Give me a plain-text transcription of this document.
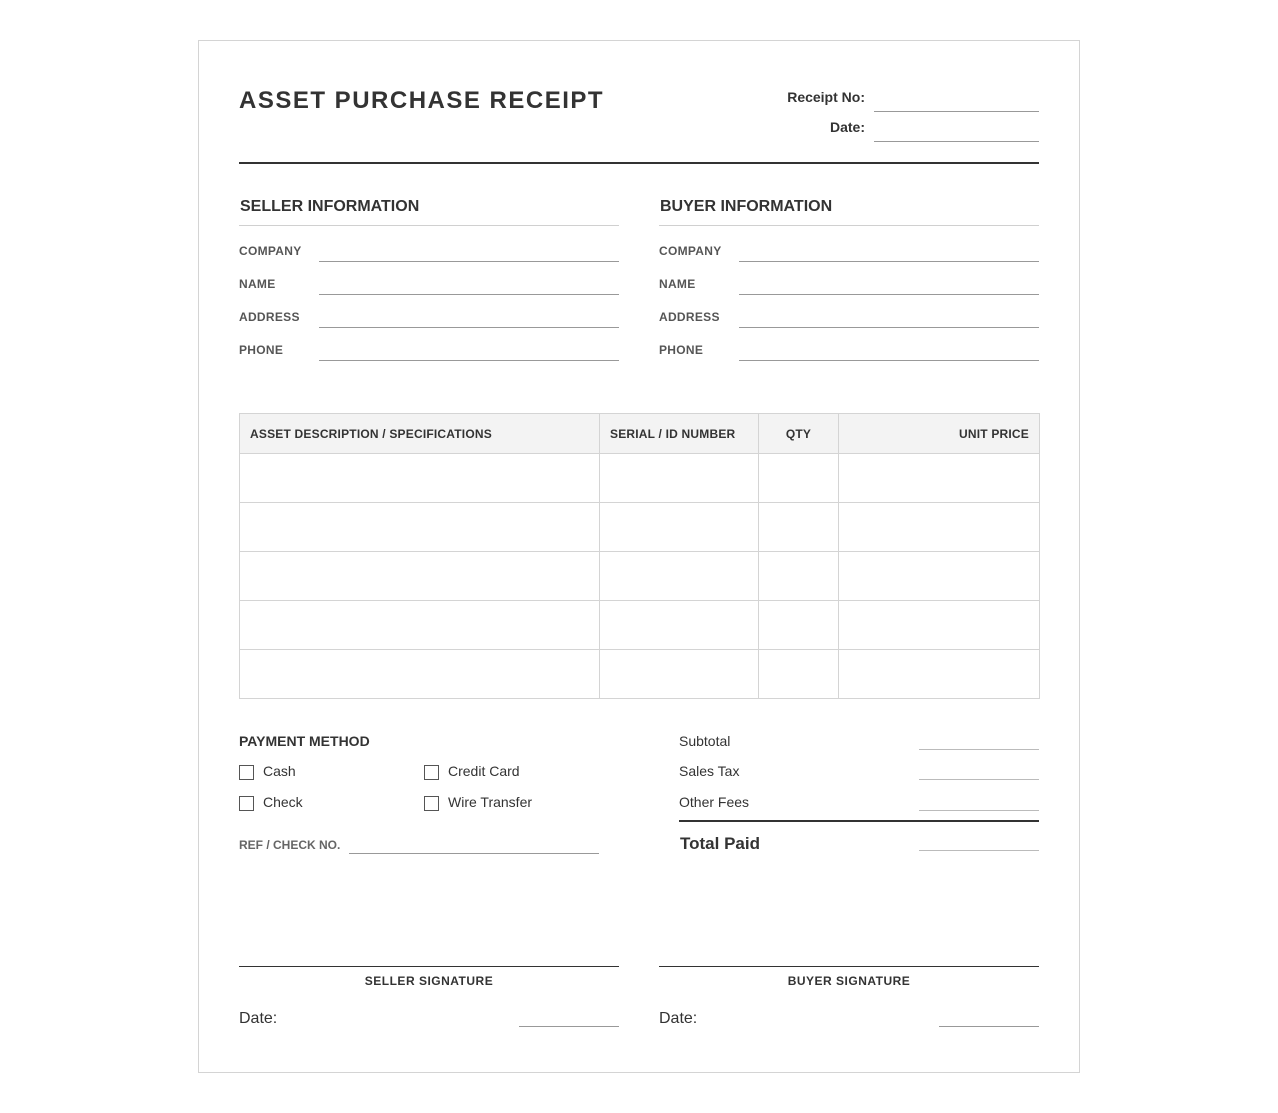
ASSET PURCHASE RECEIPT	Receipt No:
Date:
SELLER INFORMATION
COMPANY
NAME
ADDRESS
PHONE
BUYER INFORMATION
COMPANY
NAME
ADDRESS
PHONE
ASSET DESCRIPTION / SPECIFICATIONS	SERIAL / ID NUMBER	QTY	UNIT PRICE

PAYMENT METHOD
Cash	Credit Card
Check	Wire Transfer
REF / CHECK NO.
Subtotal
Sales Tax
Other Fees
Total Paid
SELLER SIGNATURE
Date:
BUYER SIGNATURE
Date:
